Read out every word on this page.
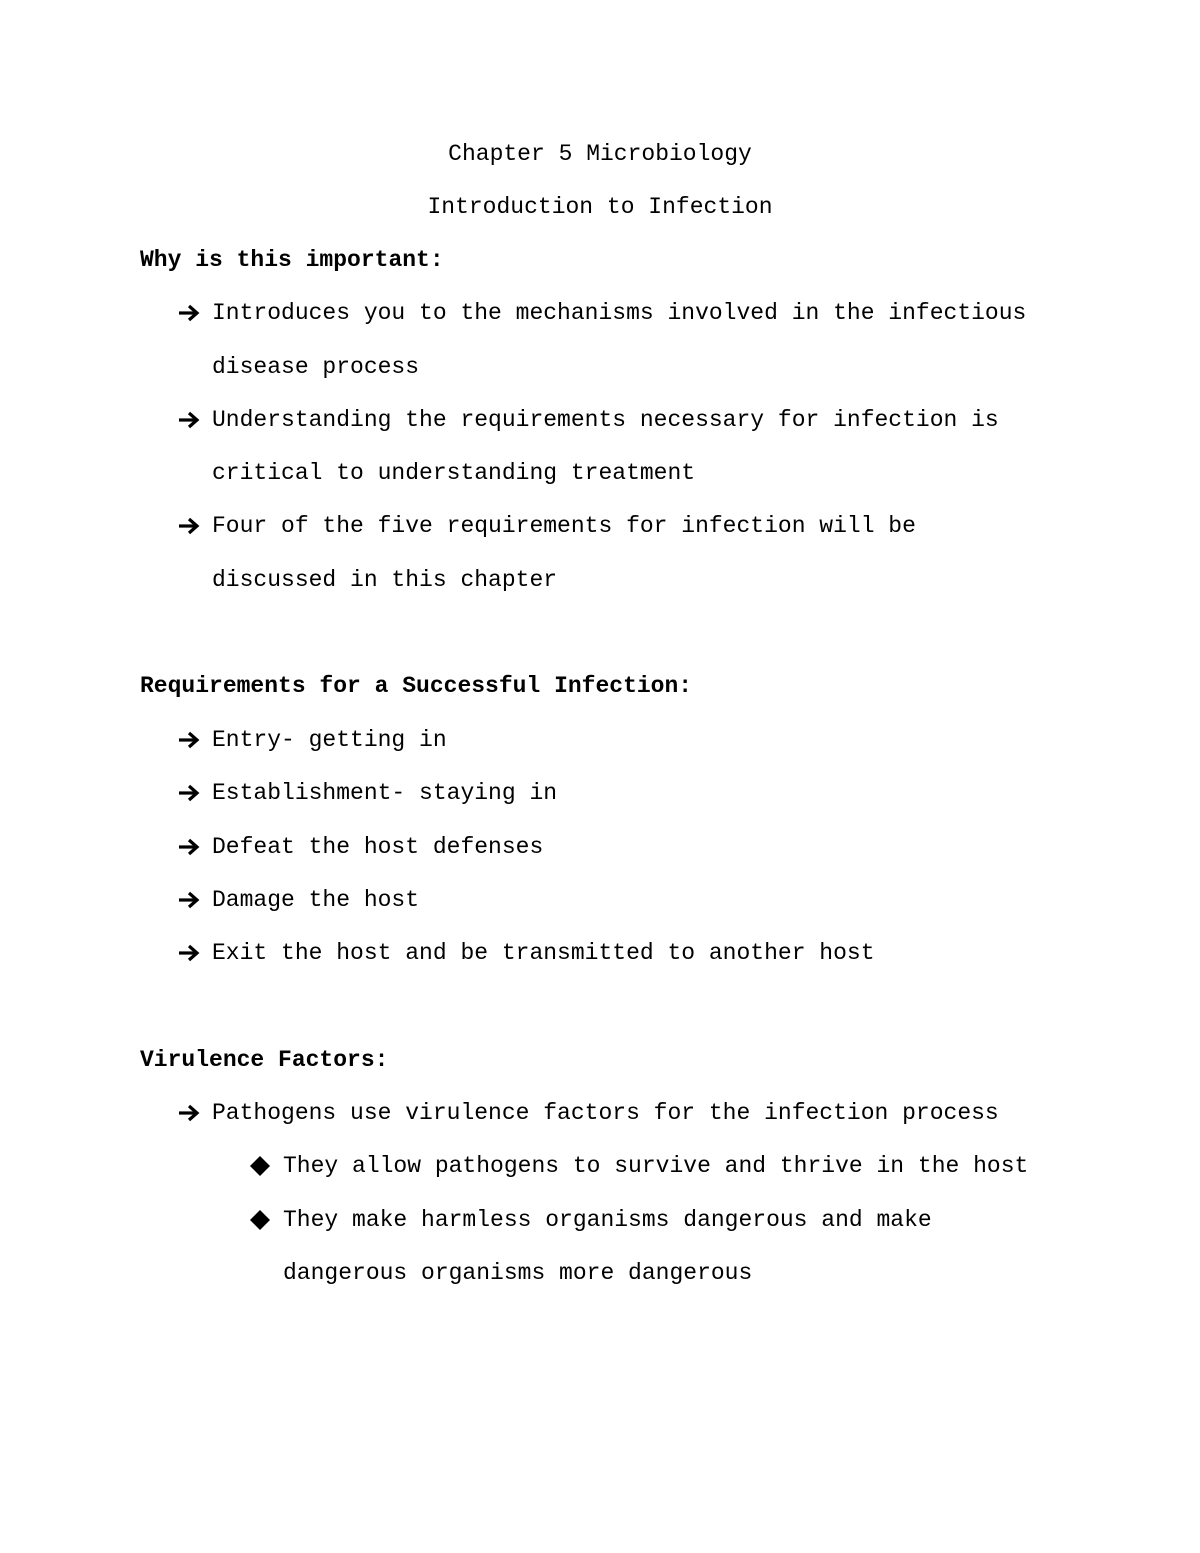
Chapter 5 Microbiology
Introduction to Infection
Why is this important:
Introduces you to the mechanisms involved in the infectious
disease process
Understanding the requirements necessary for infection is
critical to understanding treatment
Four of the five requirements for infection will be
discussed in this chapter
Requirements for a Successful Infection:
Entry- getting in
Establishment- staying in
Defeat the host defenses
Damage the host
Exit the host and be transmitted to another host
Virulence Factors:
Pathogens use virulence factors for the infection process
They allow pathogens to survive and thrive in the host
They make harmless organisms dangerous and make
dangerous organisms more dangerous
